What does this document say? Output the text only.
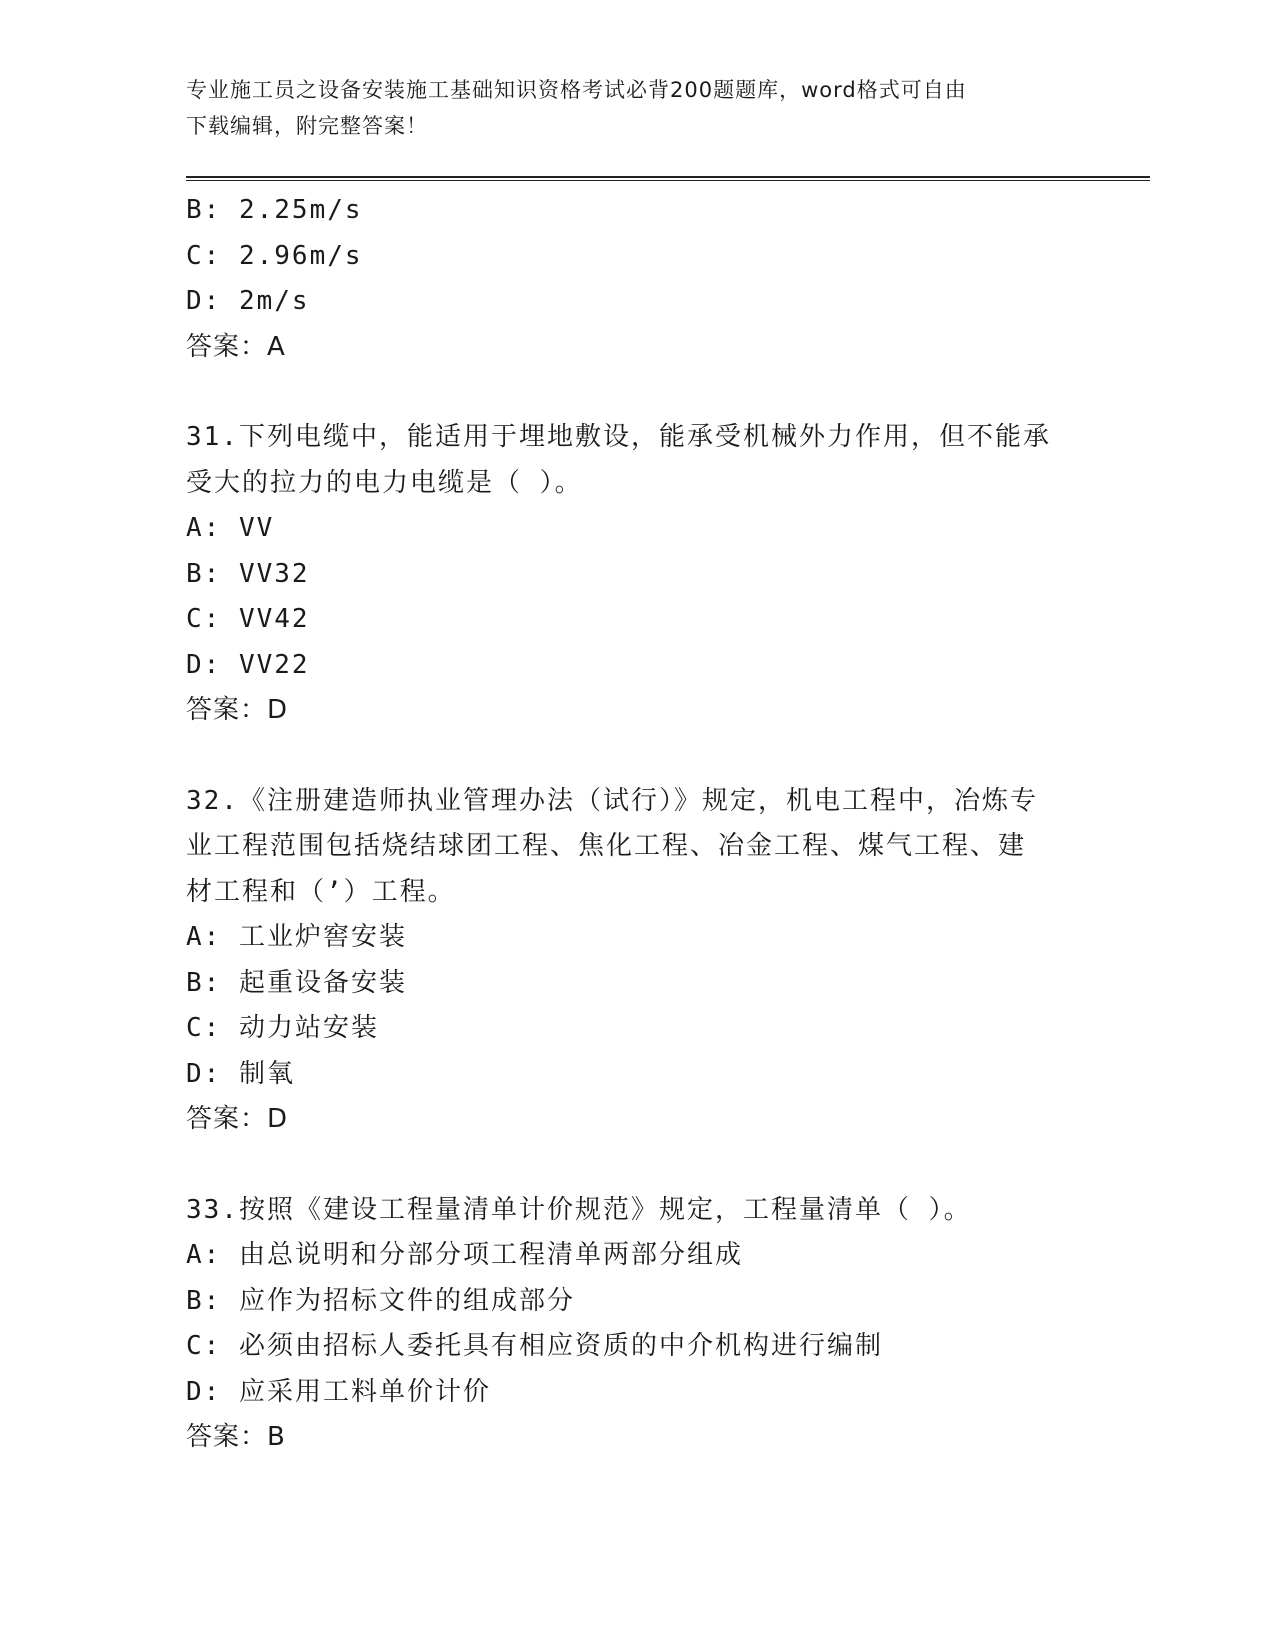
专业施工员之设备安装施工基础知识资格考试必背200题题库，word格式可自由
下载编辑，附完整答案！
B: 2.25m/s
C: 2.96m/s
D: 2m/s
答案：A
31.下列电缆中，能适用于埋地敷设，能承受机械外力作用，但不能承
受大的拉力的电力电缆是（ ）。
A: VV
B: VV32
C: VV42
D: VV22
答案：D
32.《注册建造师执业管理办法（试行）》规定，机电工程中，冶炼专
业工程范围包括烧结球团工程、焦化工程、冶金工程、煤气工程、建
材工程和（’）工程。
A: 工业炉窖安装
B: 起重设备安装
C: 动力站安装
D: 制氧
答案：D
33.按照《建设工程量清单计价规范》规定，工程量清单（ ）。
A: 由总说明和分部分项工程清单两部分组成
B: 应作为招标文件的组成部分
C: 必须由招标人委托具有相应资质的中介机构进行编制
D: 应采用工料单价计价
答案：B
